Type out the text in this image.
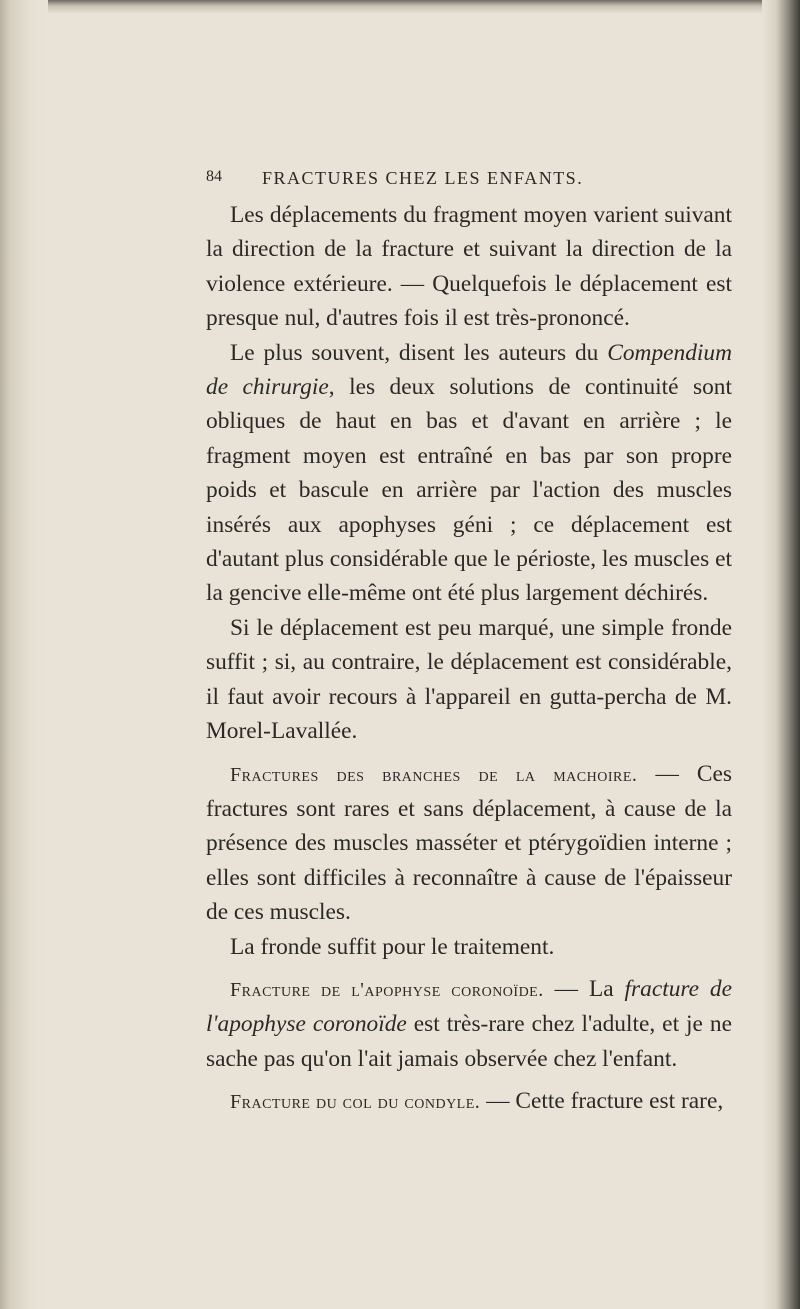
84 FRACTURES CHEZ LES ENFANTS.

Les déplacements du fragment moyen varient suivant la direction de la fracture et suivant la direction de la violence extérieure. — Quelquefois le déplacement est presque nul, d'autres fois il est très-prononcé.

Le plus souvent, disent les auteurs du Compendium de chirurgie, les deux solutions de continuité sont obliques de haut en bas et d'avant en arrière ; le fragment moyen est entraîné en bas par son propre poids et bascule en arrière par l'action des muscles insérés aux apophyses géni ; ce déplacement est d'autant plus considérable que le périoste, les muscles et la gencive elle-même ont été plus largement déchirés.

Si le déplacement est peu marqué, une simple fronde suffit ; si, au contraire, le déplacement est considérable, il faut avoir recours à l'appareil en gutta-percha de M. Morel-Lavallée.

Fractures des branches de la machoire. — Ces fractures sont rares et sans déplacement, à cause de la présence des muscles masséter et ptérygoïdien interne ; elles sont difficiles à reconnaître à cause de l'épaisseur de ces muscles.

La fronde suffit pour le traitement.

Fracture de l'apophyse coronoïde. — La fracture de l'apophyse coronoïde est très-rare chez l'adulte, et je ne sache pas qu'on l'ait jamais observée chez l'enfant.

Fracture du col du condyle. — Cette fracture est rare,
